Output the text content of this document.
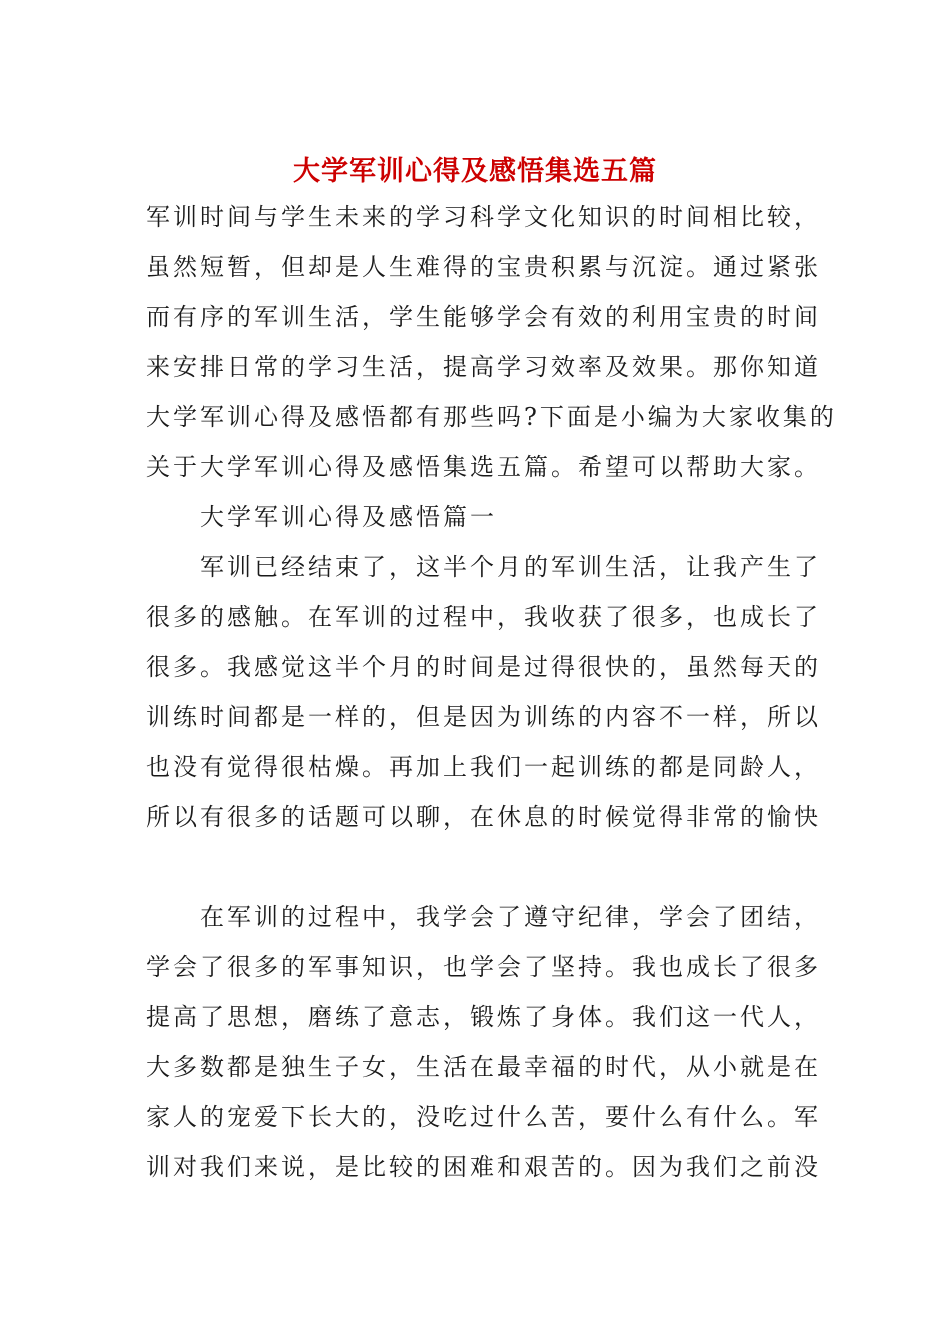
大学军训心得及感悟集选五篇
军训时间与学生未来的学习科学文化知识的时间相比较，
虽然短暂，但却是人生难得的宝贵积累与沉淀。通过紧张
而有序的军训生活，学生能够学会有效的利用宝贵的时间
来安排日常的学习生活，提高学习效率及效果。那你知道
大学军训心得及感悟都有那些吗?下面是小编为大家收集的
关于大学军训心得及感悟集选五篇。希望可以帮助大家。
大学军训心得及感悟篇一
军训已经结束了，这半个月的军训生活，让我产生了
很多的感触。在军训的过程中，我收获了很多，也成长了
很多。我感觉这半个月的时间是过得很快的，虽然每天的
训练时间都是一样的，但是因为训练的内容不一样，所以
也没有觉得很枯燥。再加上我们一起训练的都是同龄人，
所以有很多的话题可以聊，在休息的时候觉得非常的愉快
在军训的过程中，我学会了遵守纪律，学会了团结，
学会了很多的军事知识，也学会了坚持。我也成长了很多
提高了思想，磨练了意志，锻炼了身体。我们这一代人，
大多数都是独生子女，生活在最幸福的时代，从小就是在
家人的宠爱下长大的，没吃过什么苦，要什么有什么。军
训对我们来说，是比较的困难和艰苦的。因为我们之前没
